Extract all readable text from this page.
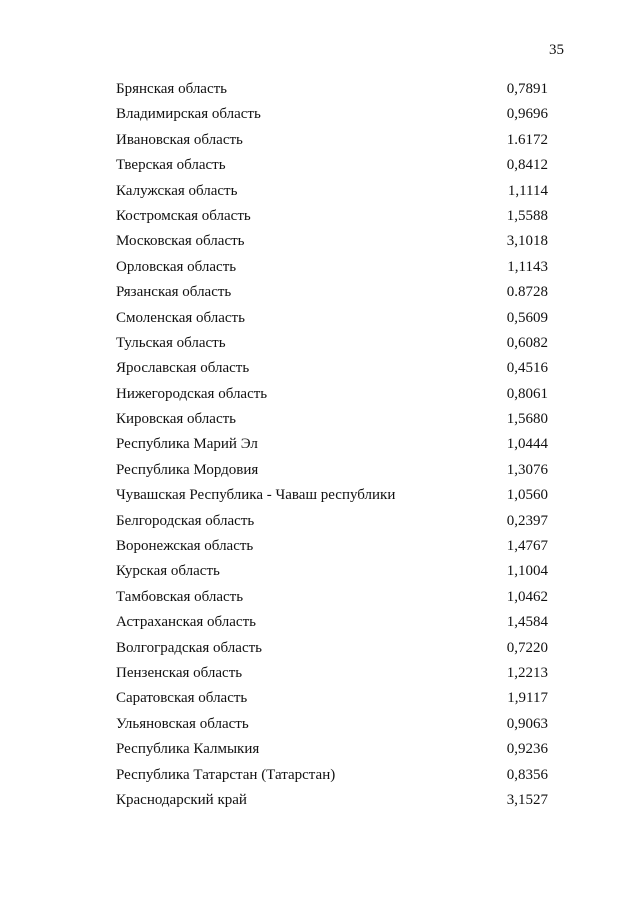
35
Брянская область	0,7891
Владимирская область	0,9696
Ивановская область	1.6172
Тверская область	0,8412
Калужская область	1,1114
Костромская область	1,5588
Московская область	3,1018
Орловская область	1,1143
Рязанская область	0.8728
Смоленская область	0,5609
Тульская область	0,6082
Ярославская область	0,4516
Нижегородская область	0,8061
Кировская область	1,5680
Республика Марий Эл	1,0444
Республика Мордовия	1,3076
Чувашская Республика - Чаваш республики	1,0560
Белгородская область	0,2397
Воронежская область	1,4767
Курская область	1,1004
Тамбовская область	1,0462
Астраханская область	1,4584
Волгоградская область	0,7220
Пензенская область	1,2213
Саратовская область	1,9117
Ульяновская область	0,9063
Республика Калмыкия	0,9236
Республика Татарстан (Татарстан)	0,8356
Краснодарский край	3,1527
